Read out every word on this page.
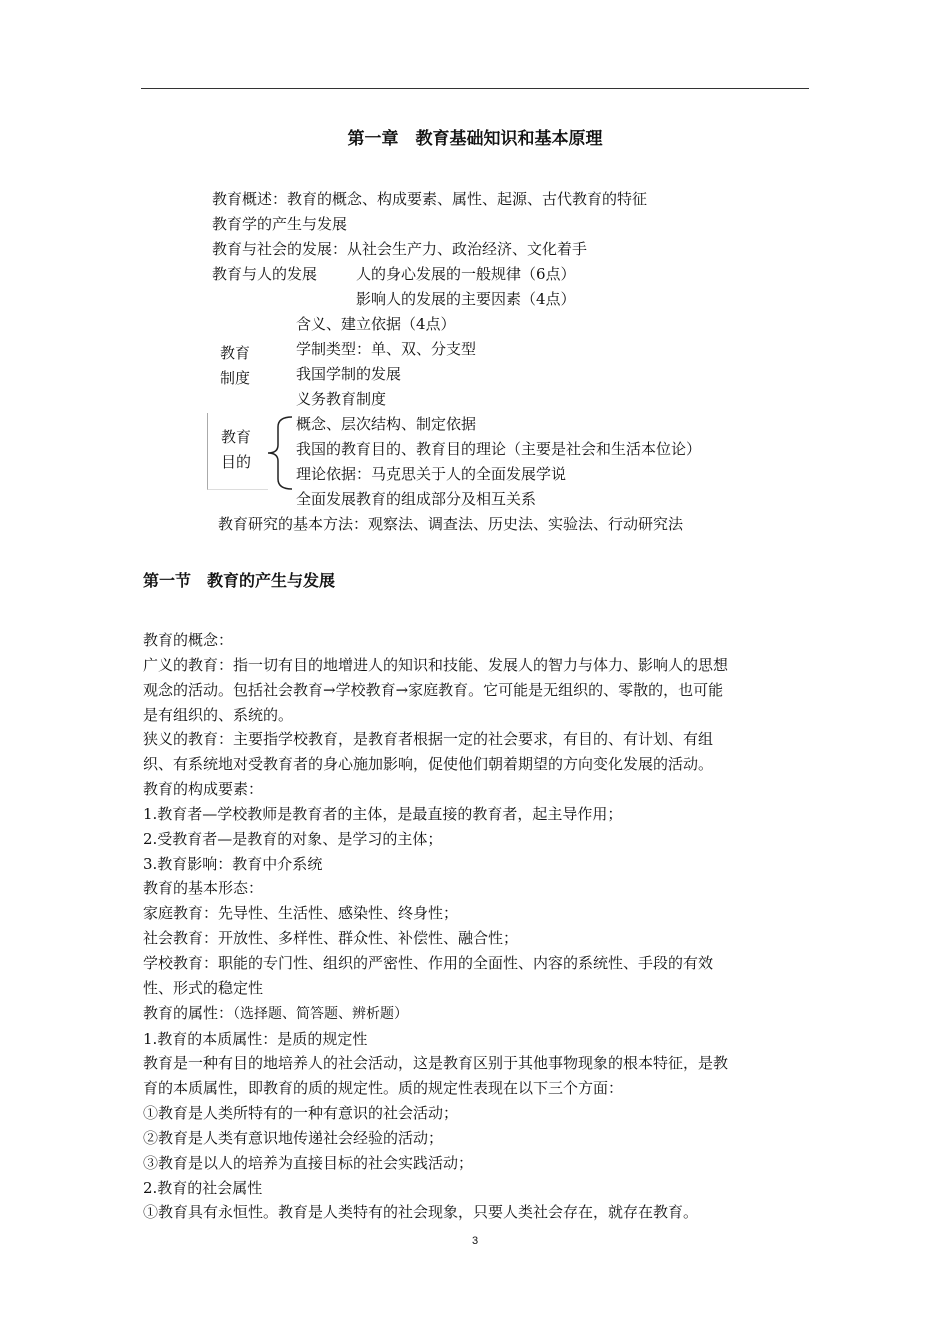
第一章　教育基础知识和基本原理
教育概述：教育的概念、构成要素、属性、起源、古代教育的特征
教育学的产生与发展
教育与社会的发展：从社会生产力、政治经济、文化着手
教育与人的发展	人的身心发展的一般规律（6点）
影响人的发展的主要因素（4点）
教育
制度
含义、建立依据（4点）
学制类型：单、双、分支型
我国学制的发展
义务教育制度
教育
目的
概念、层次结构、制定依据
我国的教育目的、教育目的理论（主要是社会和生活本位论）
理论依据：马克思关于人的全面发展学说
全面发展教育的组成部分及相互关系
教育研究的基本方法：观察法、调查法、历史法、实验法、行动研究法
第一节　教育的产生与发展

教育的概念：

广义的教育：指一切有目的地增进人的知识和技能、发展人的智力与体力、影响人的思想

观念的活动。包括社会教育→学校教育→家庭教育。它可能是无组织的、零散的，也可能

是有组织的、系统的。

狭义的教育：主要指学校教育，是教育者根据一定的社会要求，有目的、有计划、有组

织、有系统地对受教育者的身心施加影响，促使他们朝着期望的方向变化发展的活动。

教育的构成要素：

1.教育者—学校教师是教育者的主体，是最直接的教育者，起主导作用；

2.受教育者—是教育的对象、是学习的主体；

3.教育影响：教育中介系统

教育的基本形态：

家庭教育：先导性、生活性、感染性、终身性；

社会教育：开放性、多样性、群众性、补偿性、融合性；

学校教育：职能的专门性、组织的严密性、作用的全面性、内容的系统性、手段的有效

性、形式的稳定性

教育的属性：（选择题、简答题、辨析题）

1.教育的本质属性：是质的规定性

教育是一种有目的地培养人的社会活动，这是教育区别于其他事物现象的根本特征，是教

育的本质属性，即教育的质的规定性。质的规定性表现在以下三个方面：

①教育是人类所特有的一种有意识的社会活动；

②教育是人类有意识地传递社会经验的活动；

③教育是以人的培养为直接目标的社会实践活动；

2.教育的社会属性

①教育具有永恒性。教育是人类特有的社会现象，只要人类社会存在，就存在教育。

3
